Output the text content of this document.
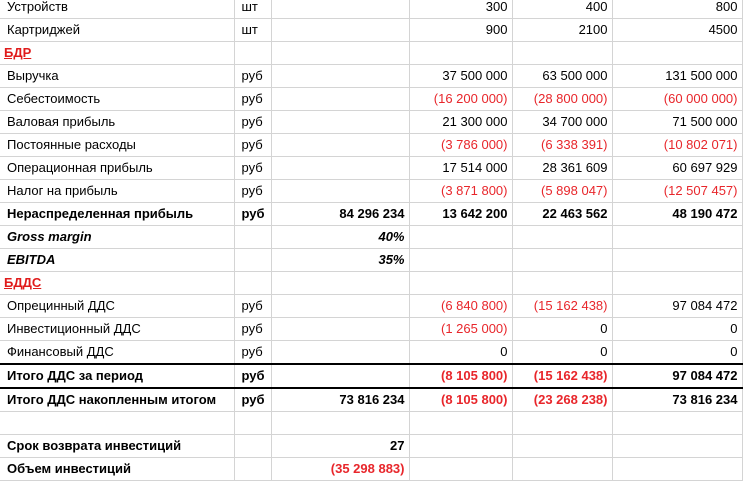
Устройств	шт		300	400	800
Картриджей	шт		900	2100	4500
БДР					
Выручка	руб		37 500 000	63 500 000	131 500 000
Себестоимость	руб		(16 200 000)	(28 800 000)	(60 000 000)
Валовая прибыль	руб		21 300 000	34 700 000	71 500 000
Постоянные расходы	руб		(3 786 000)	(6 338 391)	(10 802 071)
Операционная прибыль	руб		17 514 000	28 361 609	60 697 929
Налог на прибыль	руб		(3 871 800)	(5 898 047)	(12 507 457)
Нераспределенная прибыль	руб	84 296 234	13 642 200	22 463 562	48 190 472
Gross margin		40%			
EBITDA		35%			
БДДС					
Опрецинный ДДС	руб		(6 840 800)	(15 162 438)	97 084 472
Инвестиционный ДДС	руб		(1 265 000)	0	0
Финансовый ДДС	руб		0	0	0
Итого ДДС за период	руб		(8 105 800)	(15 162 438)	97 084 472
Итого ДДС накопленным итогом	руб	73 816 234	(8 105 800)	(23 268 238)	73 816 234

Срок возврата инвестиций		27			
Объем инвестиций		(35 298 883)			
